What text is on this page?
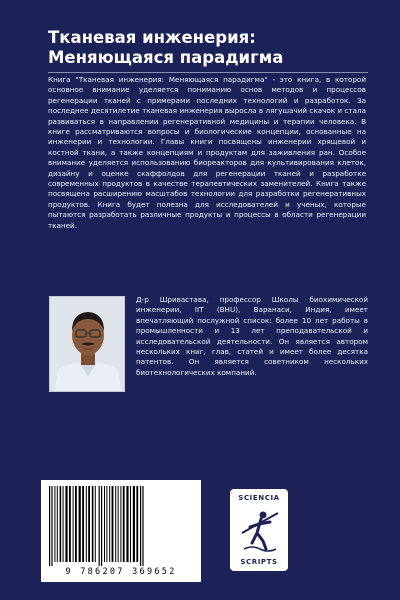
Тканевая инженерия: Меняющаяся парадигма
Книга "Тканевая инженерия: Меняющаяся парадигма" - это книга, в которой основное внимание уделяется пониманию основ методов и процессов регенерации тканей с примерами последних технологий и разработок. За последнее десятилетие тканевая инженерия выросла в лягушачий скачок и стала развиваться в направлении регенеративной медицины и терапии человека. В книге рассматриваются вопросы и биологические концепции, основанные на инженерии и технологии. Главы книги посвящены инженерии хрящевой и костной ткани, а также концепциям и продуктам для заживления ран. Особое внимание уделяется использованию биореакторов для культивирования клеток, дизайну и оценке скаффолдов для регенерации тканей и разработке современных продуктов в качестве терапевтических заменителей. Книга также посвящена расширению масштабов технологии для разработки регенеративных продуктов. Книга будет полезна для исследователей и ученых, которые пытаются разработать различные продукты и процессы в области регенерации тканей.
Д-р Шривастава, профессор Школы биохимической инженерии, IIT (BHU), Варанаси, Индия, имеет впечатляющий послужной список: более 10 лет работы в промышленности и 13 лет преподавательской и исследовательской деятельности. Он является автором нескольких книг, глав, статей и имеет более десятка патентов. Он является советником нескольких биотехнологических компаний.
9 786207 369652
SCIENCIA
SCRIPTS
